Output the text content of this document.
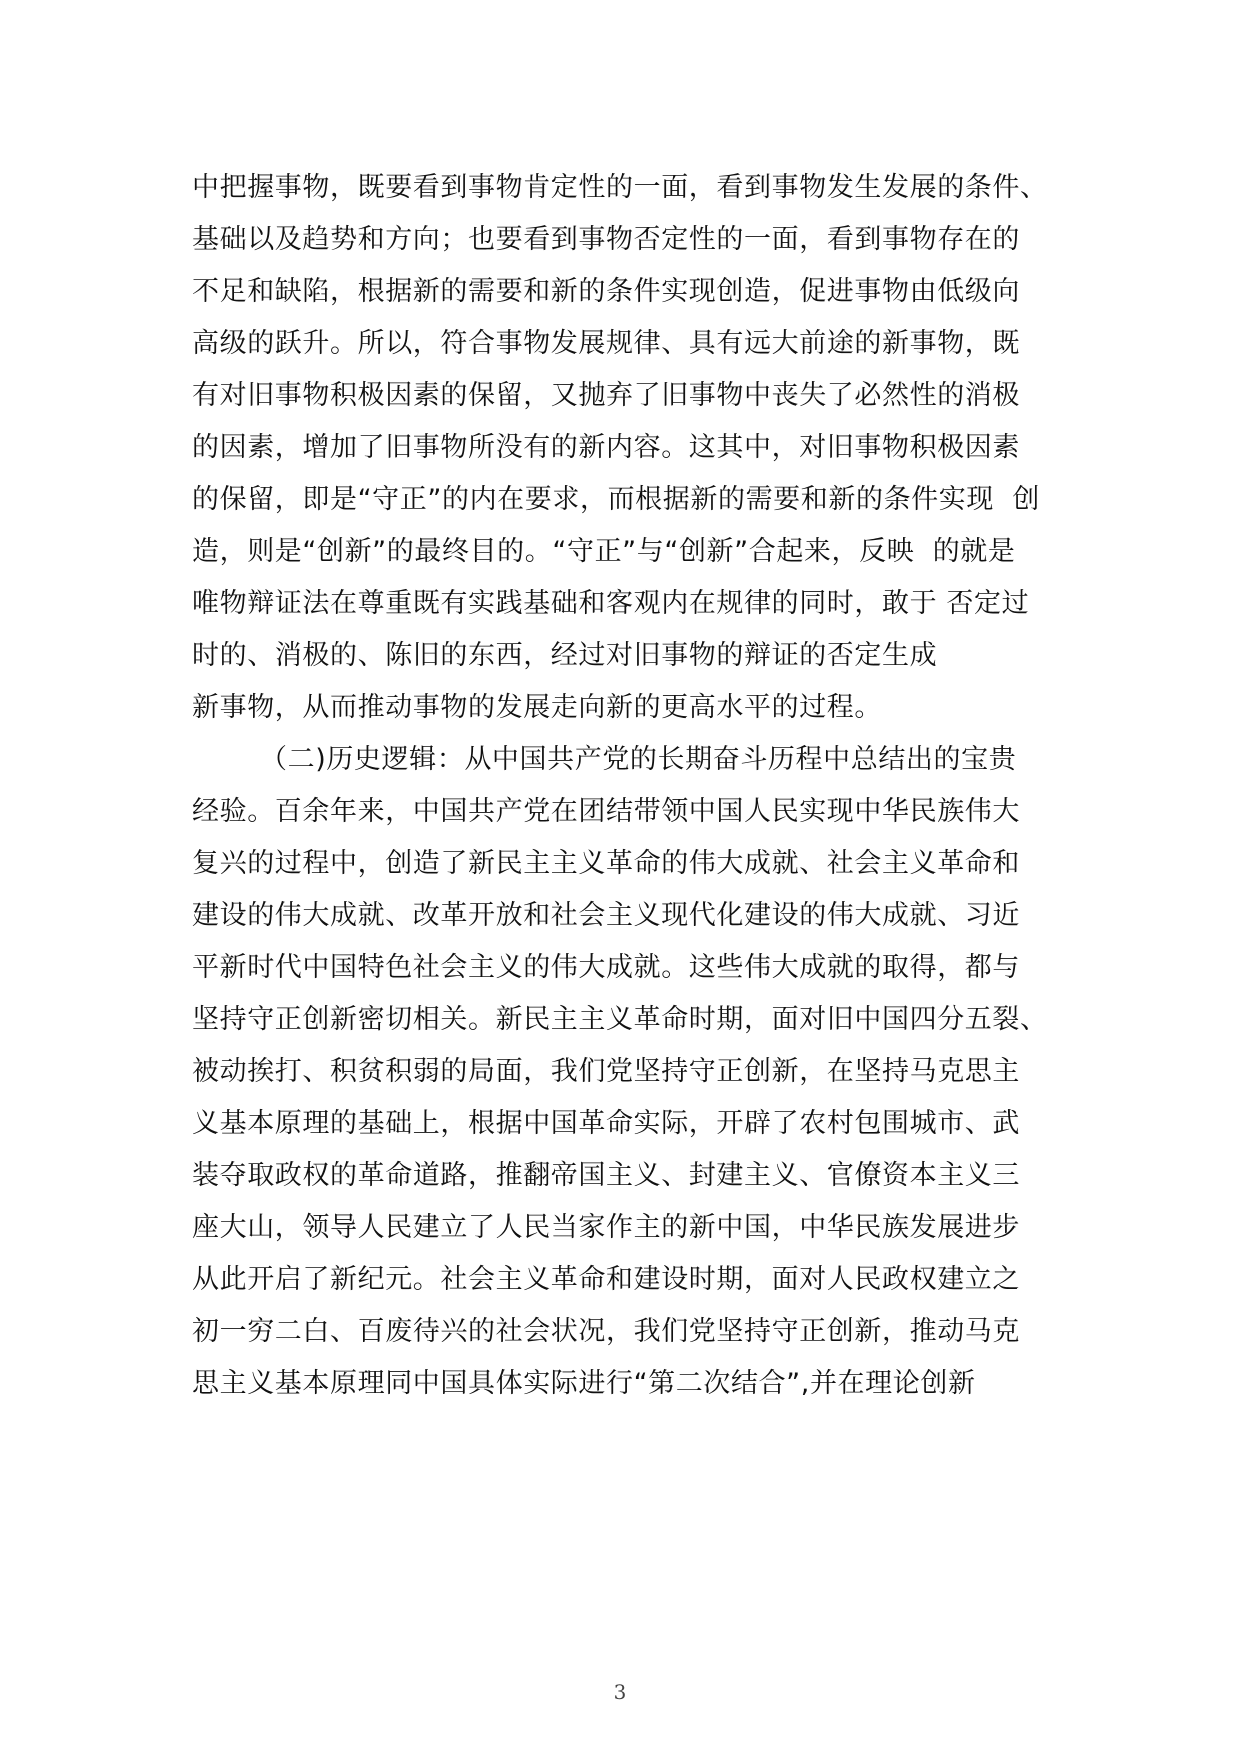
中把握事物，既要看到事物肯定性的一面，看到事物发生发展的条件、
基础以及趋势和方向；也要看到事物否定性的一面，看到事物存在的
不足和缺陷，根据新的需要和新的条件实现创造，促进事物由低级向
高级的跃升。所以，符合事物发展规律、具有远大前途的新事物，既
有对旧事物积极因素的保留，又抛弃了旧事物中丧失了必然性的消极
的因素，增加了旧事物所没有的新内容。这其中，对旧事物积极因素
的保留，即是“守正”的内在要求，而根据新的需要和新的条件实现  创
造，则是“创新”的最终目的。“守正”与“创新”合起来，反映  的就是
唯物辩证法在尊重既有实践基础和客观内在规律的同时，敢于 否定过
时的、消极的、陈旧的东西，经过对旧事物的辩证的否定生成
新事物，从而推动事物的发展走向新的更高水平的过程。
（二)历史逻辑：从中国共产党的长期奋斗历程中总结出的宝贵
经验。百余年来，中国共产党在团结带领中国人民实现中华民族伟大
复兴的过程中，创造了新民主主义革命的伟大成就、社会主义革命和
建设的伟大成就、改革开放和社会主义现代化建设的伟大成就、习近
平新时代中国特色社会主义的伟大成就。这些伟大成就的取得，都与
坚持守正创新密切相关。新民主主义革命时期，面对旧中国四分五裂、
被动挨打、积贫积弱的局面，我们党坚持守正创新，在坚持马克思主
义基本原理的基础上，根据中国革命实际，开辟了农村包围城市、武
装夺取政权的革命道路，推翻帝国主义、封建主义、官僚资本主义三
座大山，领导人民建立了人民当家作主的新中国，中华民族发展进步
从此开启了新纪元。社会主义革命和建设时期，面对人民政权建立之
初一穷二白、百废待兴的社会状况，我们党坚持守正创新，推动马克
思主义基本原理同中国具体实际进行“第二次结合”,并在理论创新
3
